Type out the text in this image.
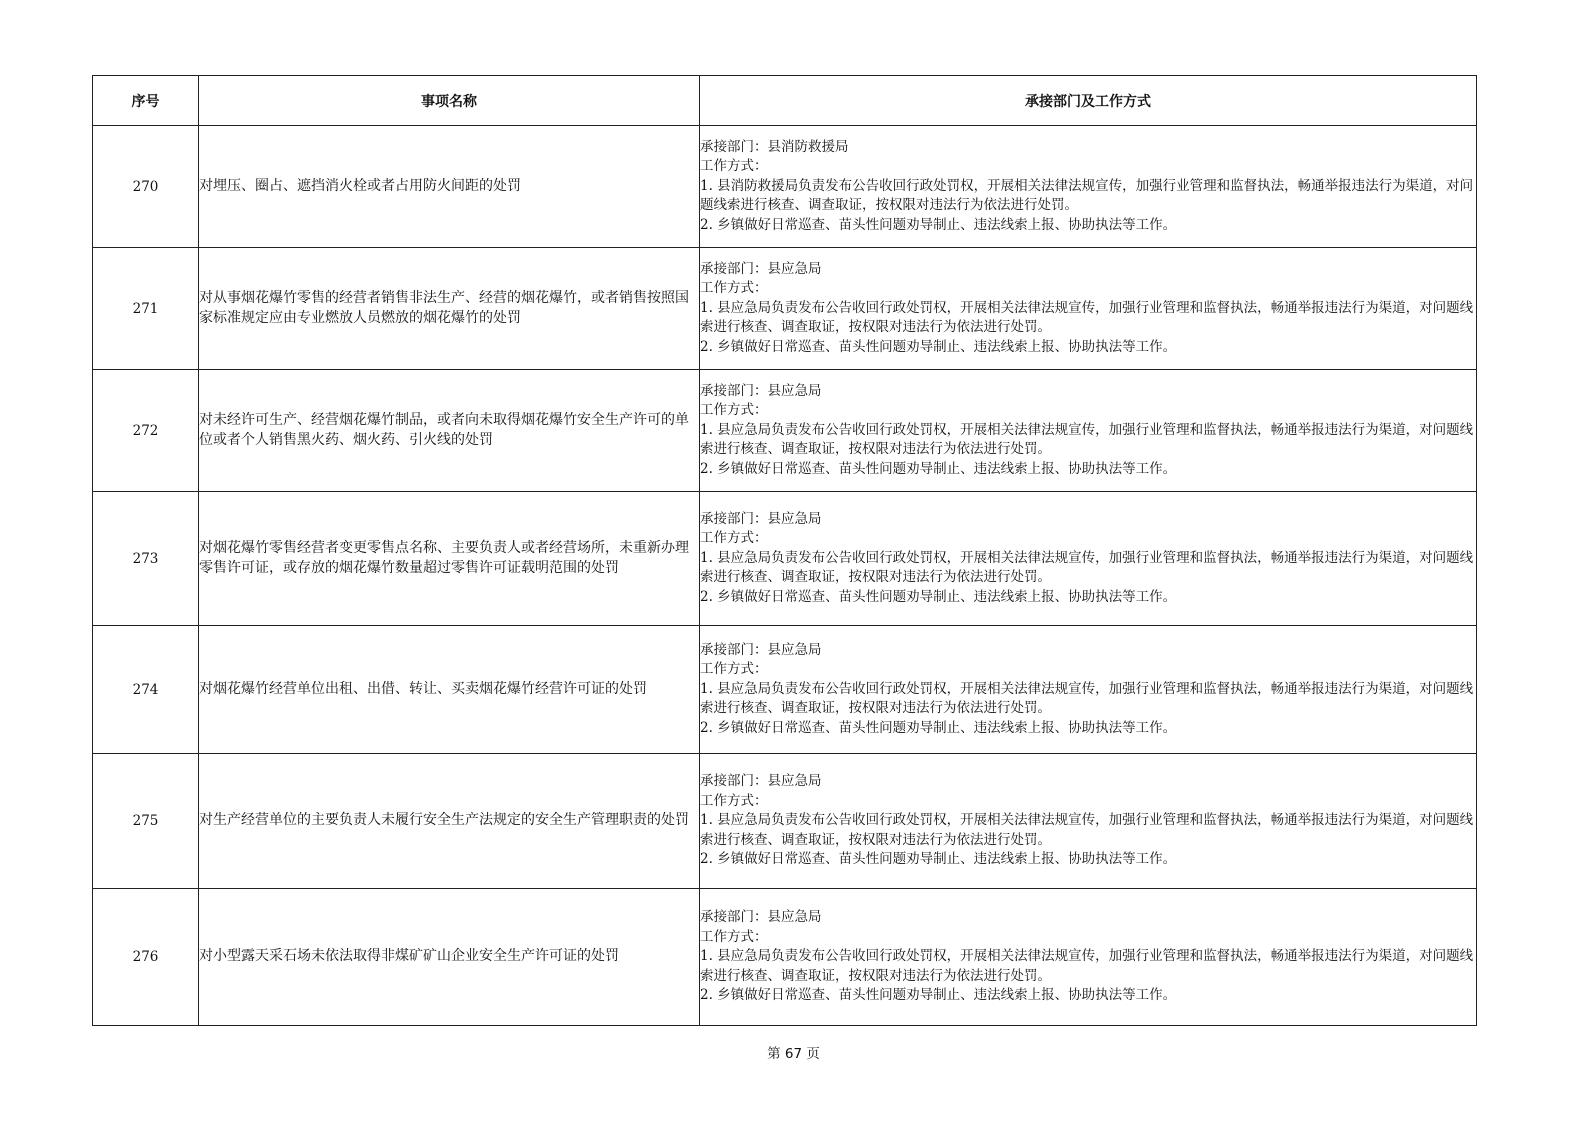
序号	事项名称	承接部门及工作方式
270	对埋压、圈占、遮挡消火栓或者占用防火间距的处罚	承接部门：县消防救援局
工作方式：
1. 县消防救援局负责发布公告收回行政处罚权，开展相关法律法规宣传，加强行业管理和监督执法，畅通举报违法行为渠道，对问题线索进行核查、调查取证，按权限对违法行为依法进行处罚。
2. 乡镇做好日常巡查、苗头性问题劝导制止、违法线索上报、协助执法等工作。

271	对从事烟花爆竹零售的经营者销售非法生产、经营的烟花爆竹，或者销售按照国家标准规定应由专业燃放人员燃放的烟花爆竹的处罚	承接部门：县应急局
工作方式：
1. 县应急局负责发布公告收回行政处罚权，开展相关法律法规宣传，加强行业管理和监督执法，畅通举报违法行为渠道，对问题线索进行核查、调查取证，按权限对违法行为依法进行处罚。
2. 乡镇做好日常巡查、苗头性问题劝导制止、违法线索上报、协助执法等工作。

272	对未经许可生产、经营烟花爆竹制品，或者向未取得烟花爆竹安全生产许可的单位或者个人销售黑火药、烟火药、引火线的处罚	承接部门：县应急局
工作方式：
1. 县应急局负责发布公告收回行政处罚权，开展相关法律法规宣传，加强行业管理和监督执法，畅通举报违法行为渠道，对问题线索进行核查、调查取证，按权限对违法行为依法进行处罚。
2. 乡镇做好日常巡查、苗头性问题劝导制止、违法线索上报、协助执法等工作。

273	对烟花爆竹零售经营者变更零售点名称、主要负责人或者经营场所，未重新办理零售许可证，或存放的烟花爆竹数量超过零售许可证载明范围的处罚	承接部门：县应急局
工作方式：
1. 县应急局负责发布公告收回行政处罚权，开展相关法律法规宣传，加强行业管理和监督执法，畅通举报违法行为渠道，对问题线索进行核查、调查取证，按权限对违法行为依法进行处罚。
2. 乡镇做好日常巡查、苗头性问题劝导制止、违法线索上报、协助执法等工作。

274	对烟花爆竹经营单位出租、出借、转让、买卖烟花爆竹经营许可证的处罚	承接部门：县应急局
工作方式：
1. 县应急局负责发布公告收回行政处罚权，开展相关法律法规宣传，加强行业管理和监督执法，畅通举报违法行为渠道，对问题线索进行核查、调查取证，按权限对违法行为依法进行处罚。
2. 乡镇做好日常巡查、苗头性问题劝导制止、违法线索上报、协助执法等工作。

275	对生产经营单位的主要负责人未履行安全生产法规定的安全生产管理职责的处罚	承接部门：县应急局
工作方式：
1. 县应急局负责发布公告收回行政处罚权，开展相关法律法规宣传，加强行业管理和监督执法，畅通举报违法行为渠道，对问题线索进行核查、调查取证，按权限对违法行为依法进行处罚。
2. 乡镇做好日常巡查、苗头性问题劝导制止、违法线索上报、协助执法等工作。

276	对小型露天采石场未依法取得非煤矿矿山企业安全生产许可证的处罚	承接部门：县应急局
工作方式：
1. 县应急局负责发布公告收回行政处罚权，开展相关法律法规宣传，加强行业管理和监督执法，畅通举报违法行为渠道，对问题线索进行核查、调查取证，按权限对违法行为依法进行处罚。
2. 乡镇做好日常巡查、苗头性问题劝导制止、违法线索上报、协助执法等工作。
第 67 页
